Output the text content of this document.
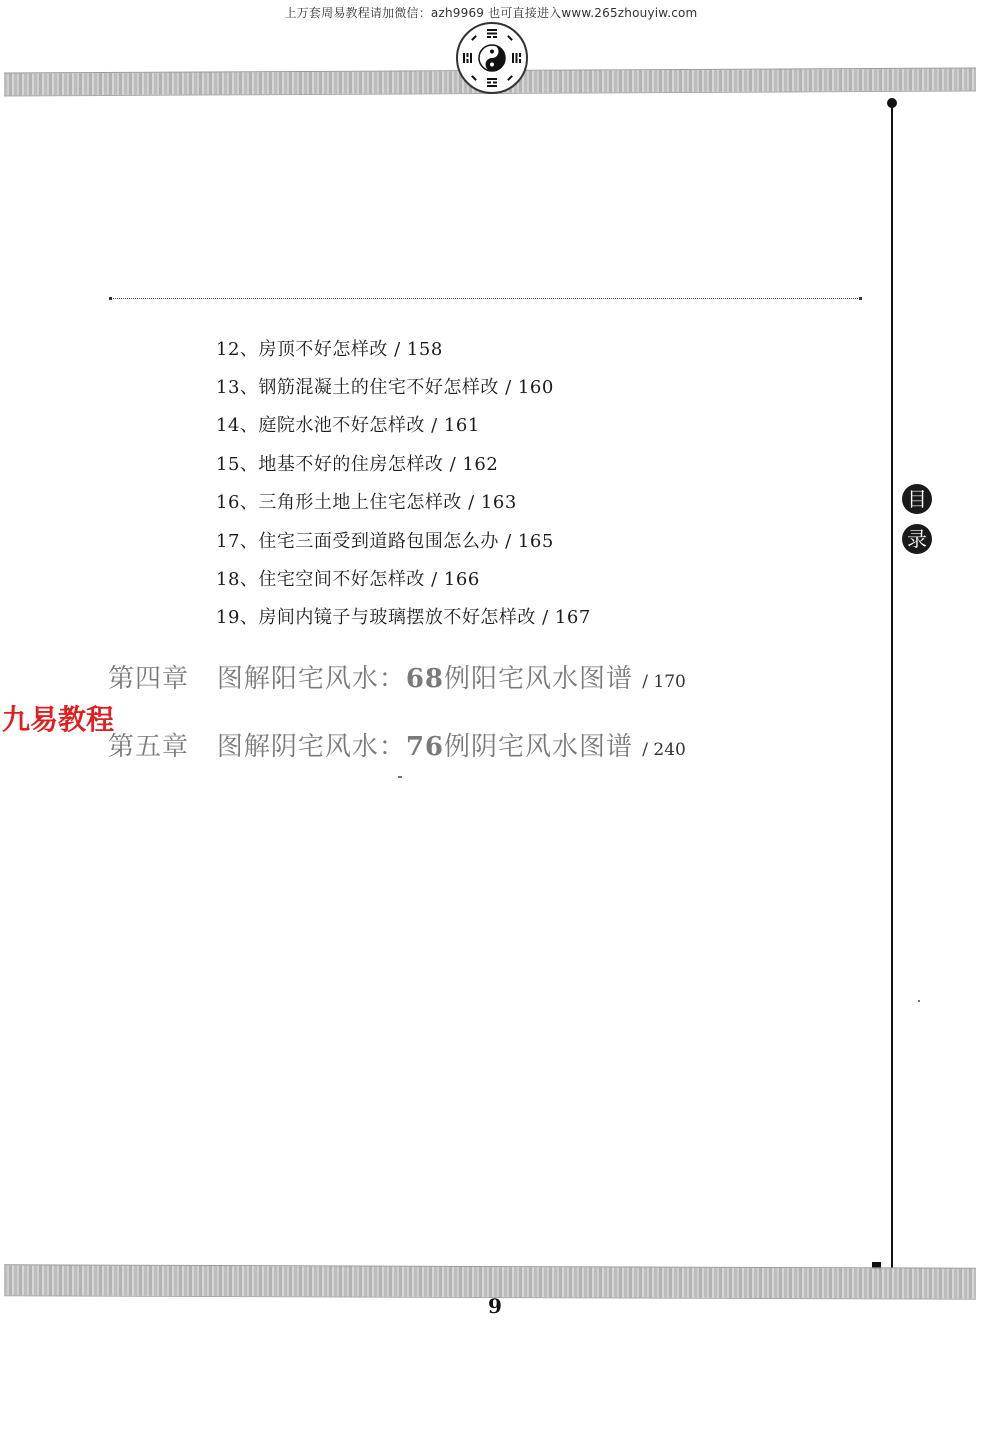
上万套周易教程请加微信：azh9969 也可直接进入www.265zhouyiw.com
目
录
12、房顶不好怎样改 / 158
13、钢筋混凝土的住宅不好怎样改 / 160
14、庭院水池不好怎样改 / 161
15、地基不好的住房怎样改 / 162
16、三角形土地上住宅怎样改 / 163
17、住宅三面受到道路包围怎么办 / 165
18、住宅空间不好怎样改 / 166
19、房间内镜子与玻璃摆放不好怎样改 / 167
第四章 图解阳宅风水：68例阳宅风水图谱 / 170
第五章 图解阴宅风水：76例阴宅风水图谱 / 240
九易教程
9
